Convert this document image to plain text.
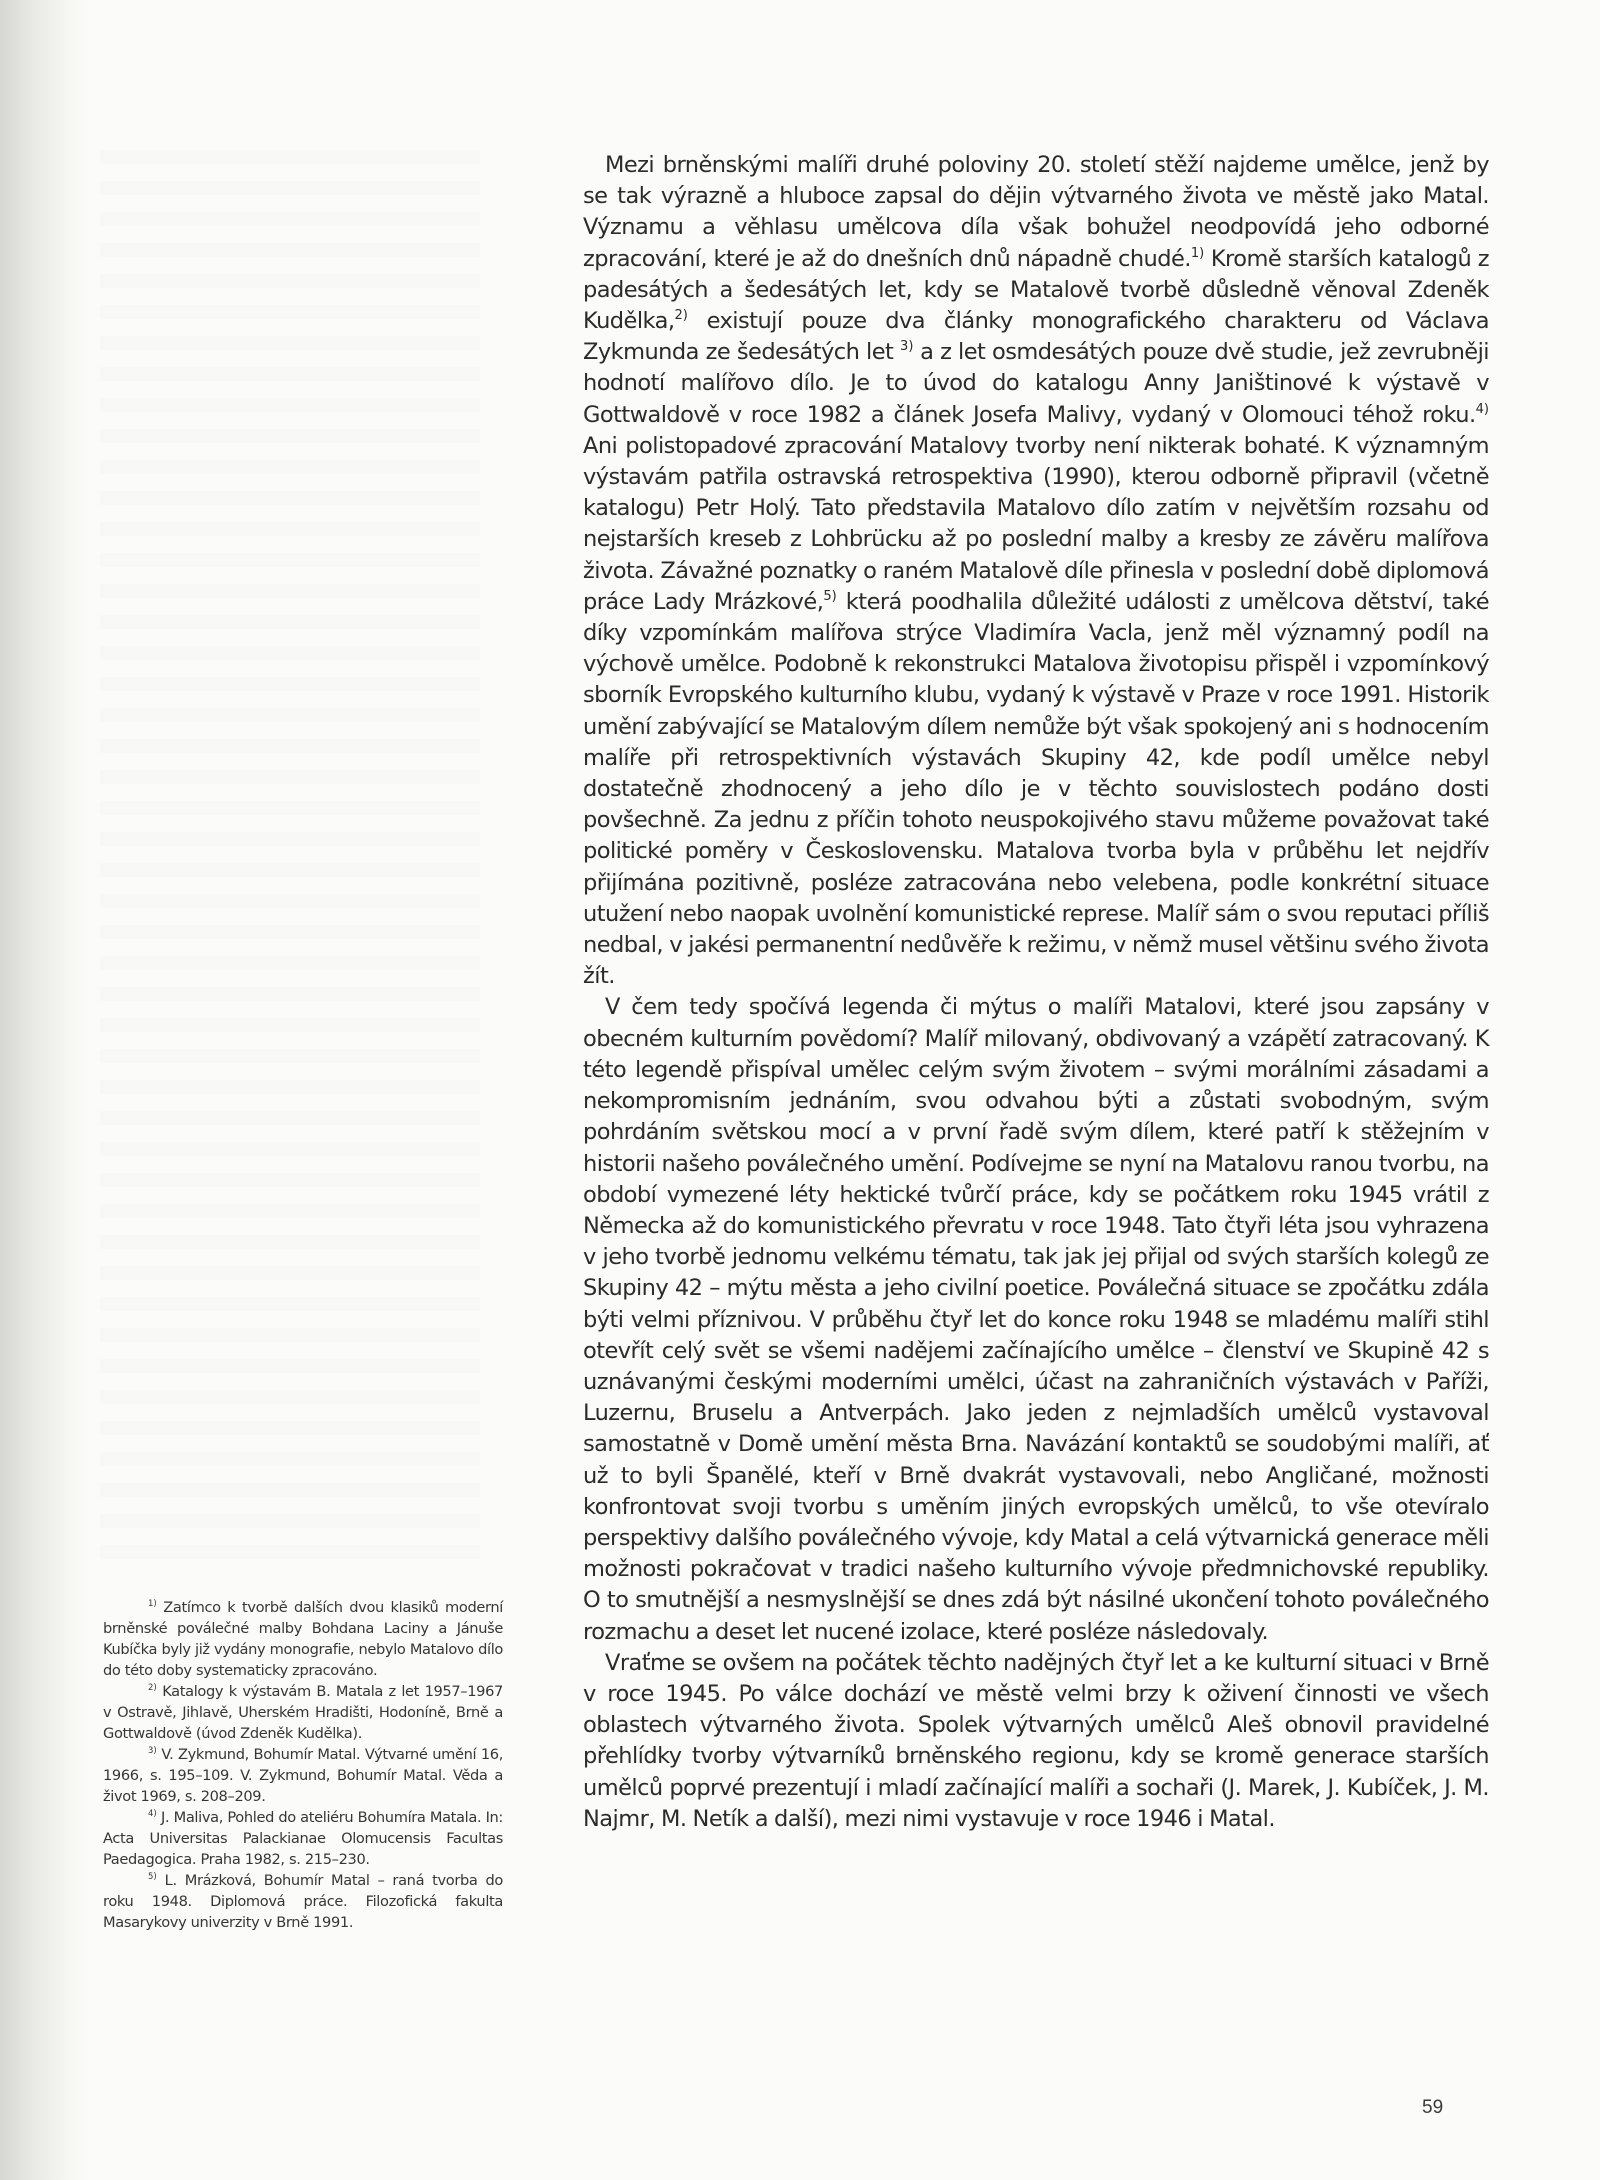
Mezi brněnskými malíři druhé poloviny 20. století stěží najdeme umělce, jenž by se tak výrazně a hluboce zapsal do dějin výtvarného života ve městě jako Matal. Významu a věhlasu umělcova díla však bohužel neodpovídá jeho odborné zpracování, které je až do dnešních dnů nápadně chudé.$^{1)}$ Kromě starších katalogů z padesátých a šedesátých let, kdy se Matalově tvorbě důsledně věnoval Zdeněk Kudělka,$^{2)}$ existují pouze dva články monografického charakteru od Václava Zykmunda ze šedesátých let $^{3)}$ a z let osmdesátých pouze dvě studie, jež zevrubněji hodnotí malířovo dílo. Je to úvod do katalogu Anny Janištinové k výstavě v Gottwaldově v roce 1982 a článek Josefa Malivy, vydaný v Olomouci téhož roku.$^{4)}$ Ani polistopadové zpracování Matalovy tvorby není nikterak bohaté. K významným výstavám patřila ostravská retrospektiva (1990), kterou odborně připravil (včetně katalogu) Petr Holý. Tato představila Matalovo dílo zatím v největším rozsahu od nejstarších kreseb z Lohbrücku až po poslední malby a kresby ze závěru malířova života. Závažné poznatky o raném Matalově díle přinesla v poslední době diplomová práce Lady Mrázkové,$^{5)}$ která poodhalila důležité události z umělcova dětství, také díky vzpomínkám malířova strýce Vladimíra Vacla, jenž měl významný podíl na výchově umělce. Podobně k rekonstrukci Matalova životopisu přispěl i vzpomínkový sborník Evropského kulturního klubu, vydaný k výstavě v Praze v roce 1991. Historik umění zabývající se Matalovým dílem nemůže být však spokojený ani s hodnocením malíře při retrospektivních výstavách Skupiny 42, kde podíl umělce nebyl dostatečně zhodnocený a jeho dílo je v těchto souvislostech podáno dosti povšechně. Za jednu z příčin tohoto neuspokojivého stavu můžeme považovat také politické poměry v Československu. Matalova tvorba byla v průběhu let nejdřív přijímána pozitivně, posléze zatracována nebo velebena, podle konkrétní situace utužení nebo naopak uvolnění komunistické represe. Malíř sám o svou reputaci příliš nedbal, v jakési permanentní nedůvěře k režimu, v němž musel většinu svého života žít.

V čem tedy spočívá legenda či mýtus o malíři Matalovi, které jsou zapsány v obecném kulturním povědomí? Malíř milovaný, obdivovaný a vzápětí zatracovaný. K této legendě přispíval umělec celým svým životem – svými morálními zásadami a nekompromisním jednáním, svou odvahou býti a zůstati svobodným, svým pohrdáním světskou mocí a v první řadě svým dílem, které patří k stěžejním v historii našeho poválečného umění. Podívejme se nyní na Matalovu ranou tvorbu, na období vymezené léty hektické tvůrčí práce, kdy se počátkem roku 1945 vrátil z Německa až do komunistického převratu v roce 1948. Tato čtyři léta jsou vyhrazena v jeho tvorbě jednomu velkému tématu, tak jak jej přijal od svých starších kolegů ze Skupiny 42 – mýtu města a jeho civilní poetice. Poválečná situace se zpočátku zdála býti velmi příznivou. V průběhu čtyř let do konce roku 1948 se mladému malíři stihl otevřít celý svět se všemi nadějemi začínajícího umělce – členství ve Skupině 42 s uznávanými českými moderními umělci, účast na zahraničních výstavách v Paříži, Luzernu, Bruselu a Antverpách. Jako jeden z nejmladších umělců vystavoval samostatně v Domě umění města Brna. Navázání kontaktů se soudobými malíři, ať už to byli Španělé, kteří v Brně dvakrát vystavovali, nebo Angličané, možnosti konfrontovat svoji tvorbu s uměním jiných evropských umělců, to vše otevíralo perspektivy dalšího poválečného vývoje, kdy Matal a celá výtvarnická generace měli možnosti pokračovat v tradici našeho kulturního vývoje předmnichovské republiky. O to smutnější a nesmyslnější se dnes zdá být násilné ukončení tohoto poválečného rozmachu a deset let nucené izolace, které posléze následovaly.

Vraťme se ovšem na počátek těchto nadějných čtyř let a ke kulturní situaci v Brně v roce 1945. Po válce dochází ve městě velmi brzy k oživení činnosti ve všech oblastech výtvarného života. Spolek výtvarných umělců Aleš obnovil pravidelné přehlídky tvorby výtvarníků brněnského regionu, kdy se kromě generace starších umělců poprvé prezentují i mladí začínající malíři a sochaři (J. Marek, J. Kubíček, J. M. Najmr, M. Netík a další), mezi nimi vystavuje v roce 1946 i Matal.

$^{1)}$ Zatímco k tvorbě dalších dvou klasiků moderní brněnské poválečné malby Bohdana Laciny a Jánuše Kubíčka byly již vydány monografie, nebylo Matalovo dílo do této doby systematicky zpracováno.

$^{2)}$ Katalogy k výstavám B. Matala z let 1957–1967 v Ostravě, Jihlavě, Uherském Hradišti, Hodoníně, Brně a Gottwaldově (úvod Zdeněk Kudělka).

$^{3)}$ V. Zykmund, Bohumír Matal. Výtvarné umění 16, 1966, s. 195–109. V. Zykmund, Bohumír Matal. Věda a život 1969, s. 208–209.

$^{4)}$ J. Maliva, Pohled do ateliéru Bohumíra Matala. In: Acta Universitas Palackianae Olomucensis Facultas Paedagogica. Praha 1982, s. 215–230.

$^{5)}$ L. Mrázková, Bohumír Matal – raná tvorba do roku 1948. Diplomová práce. Filozofická fakulta Masarykovy univerzity v Brně 1991.

59
